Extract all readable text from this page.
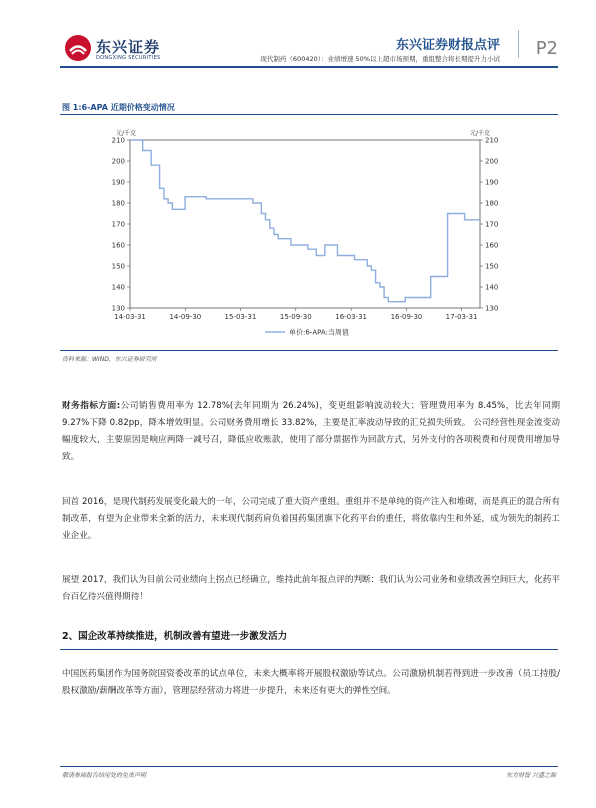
东兴证券
DONGXING SECURITIES
东兴证券财报点评 P2
现代制药（600420）：业绩增速 50%以上超市场预期，重组整合将长期提升力小试
图 1:6-APA 近期价格变动情况
元/千克	元/千克
130	130
140	140
150	150
160	160
170	170
180	180
190	190
200	200
210	210
14-03-31	14-09-30	15-03-31	15-09-30	16-03-31	16-09-30	17-03-31
单价:6-APA:当周值
资料来源：WIND，东兴证券研究所
财务指标方面:公司销售费用率为 12.78%(去年同期为 26.24%)，变更组影响波动较大；管理费用率为 8.45%，比去年同期 9.27%下降 0.82pp，降本增效明显。公司财务费用增长 33.82%，主要是汇率波动导致的汇兑损失所致。 公司经营性现金流变动幅度较大，主要原因是响应两降一减号召，降低应收账款，使用了部分票据作为回款方式，另外支付的各项税费和付现费用增加导致。
回首 2016，是现代制药发展变化最大的一年，公司完成了重大资产重组。重组并不是单纯的资产注入和堆砌，而是真正的混合所有制改革，有望为企业带来全新的活力，未来现代制药肩负着国药集团旗下化药平台的重任，将依靠内生和外延，成为领先的制药工业企业。
展望 2017，我们认为目前公司业绩向上拐点已经确立，维持此前年报点评的判断：我们认为公司业务和业绩改善空间巨大，化药平台百亿待兴值得期待！
2、国企改革持续推进，机制改善有望进一步激发活力
中国医药集团作为国务院国资委改革的试点单位，未来大概率将开展股权激励等试点。公司激励机制若得到进一步改善（员工持股/股权激励/薪酬改革等方面），管理层经营动力将进一步提升，未来还有更大的弹性空间。
敬请参阅报告结尾处的免责声明	东方财智 兴盛之源
